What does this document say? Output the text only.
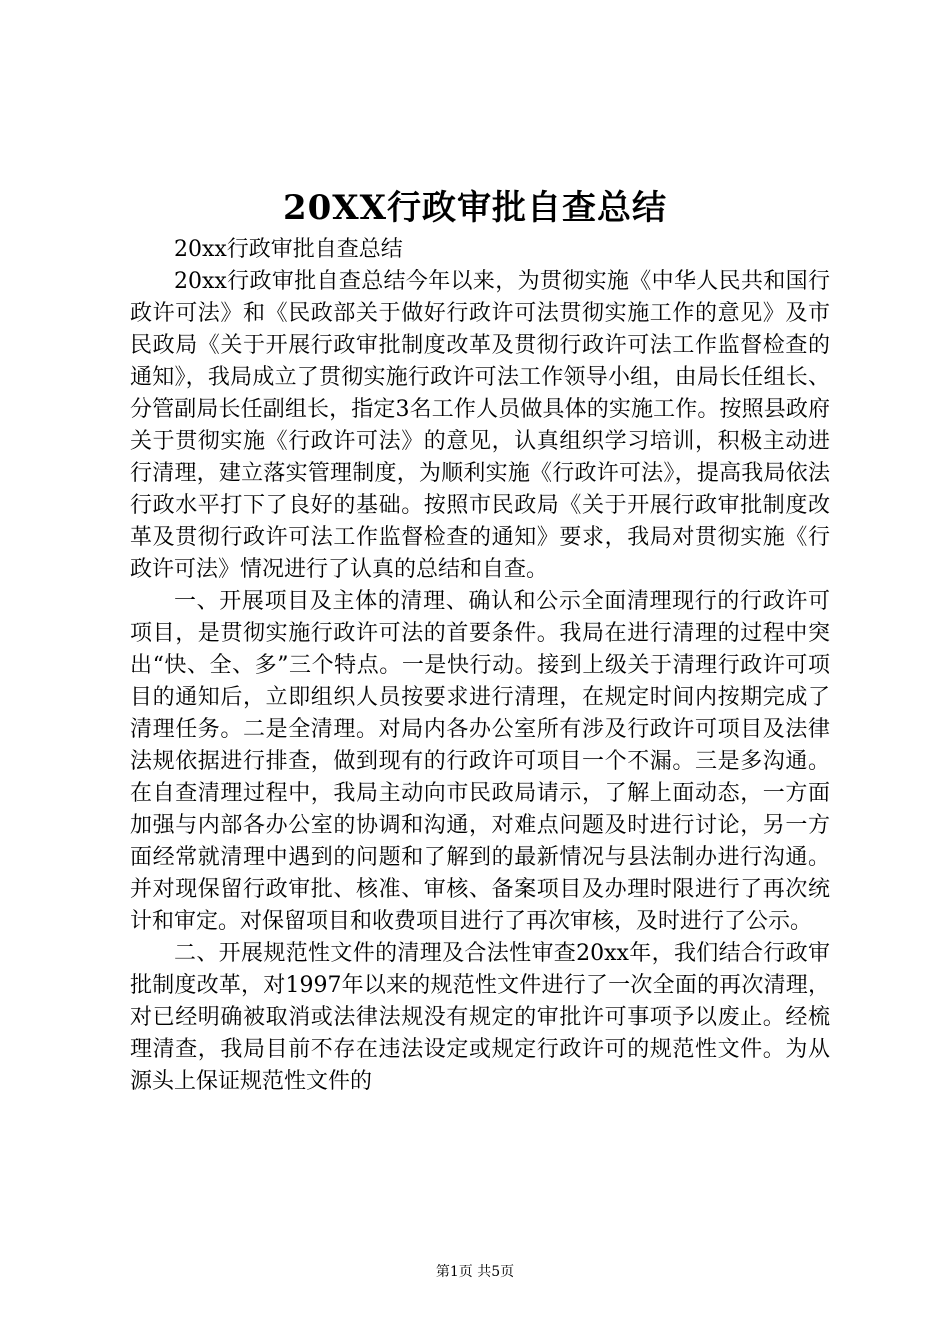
20XX行政审批自查总结

20xx行政审批自查总结

20xx行政审批自查总结今年以来，为贯彻实施《中华人民共和国行政许可法》和《民政部关于做好行政许可法贯彻实施工作的意见》及市民政局《关于开展行政审批制度改革及贯彻行政许可法工作监督检查的通知》，我局成立了贯彻实施行政许可法工作领导小组，由局长任组长、分管副局长任副组长，指定3名工作人员做具体的实施工作。按照县政府关于贯彻实施《行政许可法》的意见，认真组织学习培训，积极主动进行清理，建立落实管理制度，为顺利实施《行政许可法》，提高我局依法行政水平打下了良好的基础。按照市民政局《关于开展行政审批制度改革及贯彻行政许可法工作监督检查的通知》要求，我局对贯彻实施《行政许可法》情况进行了认真的总结和自查。

一、开展项目及主体的清理、确认和公示全面清理现行的行政许可项目，是贯彻实施行政许可法的首要条件。我局在进行清理的过程中突出“快、全、多”三个特点。一是快行动。接到上级关于清理行政许可项目的通知后，立即组织人员按要求进行清理，在规定时间内按期完成了清理任务。二是全清理。对局内各办公室所有涉及行政许可项目及法律法规依据进行排查，做到现有的行政许可项目一个不漏。三是多沟通。在自查清理过程中，我局主动向市民政局请示，了解上面动态，一方面加强与内部各办公室的协调和沟通，对难点问题及时进行讨论，另一方面经常就清理中遇到的问题和了解到的最新情况与县法制办进行沟通。并对现保留行政审批、核准、审核、备案项目及办理时限进行了再次统计和审定。对保留项目和收费项目进行了再次审核，及时进行了公示。

二、开展规范性文件的清理及合法性审查20xx年，我们结合行政审批制度改革，对1997年以来的规范性文件进行了一次全面的再次清理，对已经明确被取消或法律法规没有规定的审批许可事项予以废止。经梳理清查，我局目前不存在违法设定或规定行政许可的规范性文件。为从源头上保证规范性文件的

第1页 共5页
